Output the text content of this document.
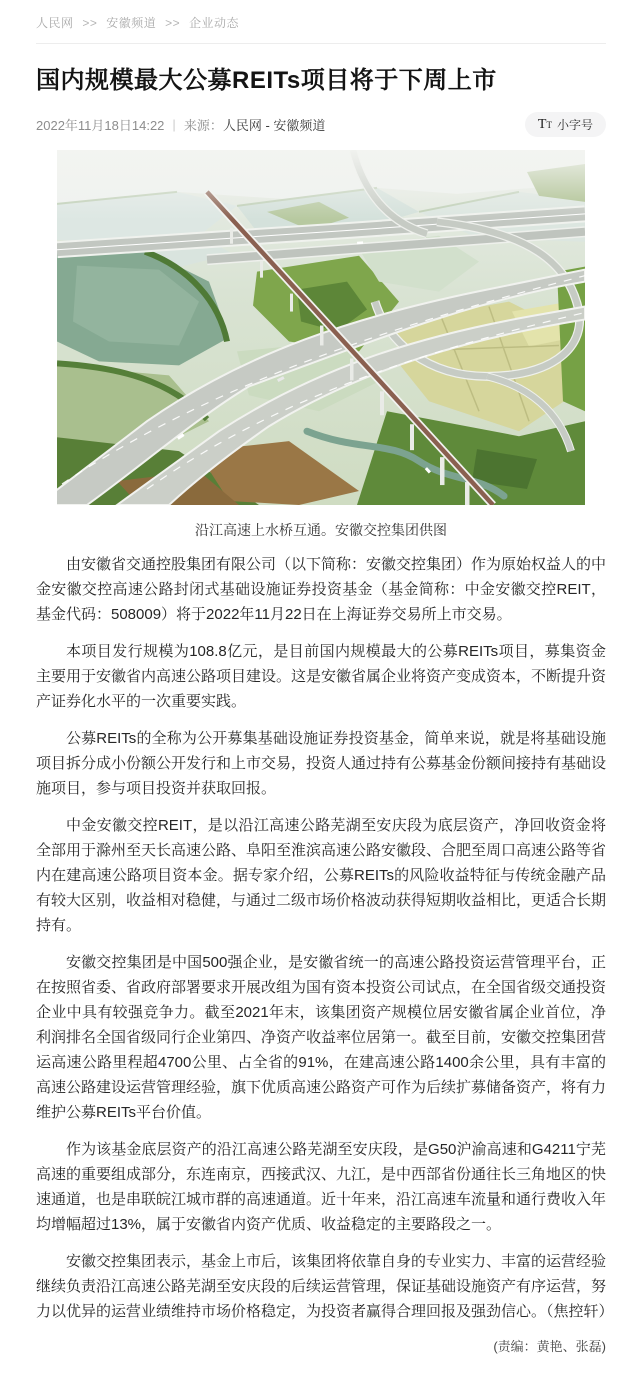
人民网 >> 安徽频道 >> 企业动态
国内规模最大公募REITs项目将于下周上市
2022年11月18日14:22 | 来源： 人民网 - 安徽频道	TT 小字号
沿江高速上水桥互通。安徽交控集团供图

由安徽省交通控股集团有限公司（以下简称：安徽交控集团）作为原始权益人的中金安徽交控高速公路封闭式基础设施证券投资基金（基金简称：中金安徽交控REIT，基金代码：508009）将于2022年11月22日在上海证券交易所上市交易。

本项目发行规模为108.8亿元，是目前国内规模最大的公募REITs项目，募集资金主要用于安徽省内高速公路项目建设。这是安徽省属企业将资产变成资本，不断提升资产证券化水平的一次重要实践。

公募REITs的全称为公开募集基础设施证券投资基金，简单来说，就是将基础设施项目拆分成小份额公开发行和上市交易，投资人通过持有公募基金份额间接持有基础设施项目，参与项目投资并获取回报。

中金安徽交控REIT，是以沿江高速公路芜湖至安庆段为底层资产，净回收资金将全部用于滁州至天长高速公路、阜阳至淮滨高速公路安徽段、合肥至周口高速公路等省内在建高速公路项目资本金。据专家介绍，公募REITs的风险收益特征与传统金融产品有较大区别，收益相对稳健，与通过二级市场价格波动获得短期收益相比，更适合长期持有。

安徽交控集团是中国500强企业，是安徽省统一的高速公路投资运营管理平台，正在按照省委、省政府部署要求开展改组为国有资本投资公司试点，在全国省级交通投资企业中具有较强竞争力。截至2021年末，该集团资产规模位居安徽省属企业首位，净利润排名全国省级同行企业第四、净资产收益率位居第一。截至目前，安徽交控集团营运高速公路里程超4700公里、占全省的91%，在建高速公路1400余公里，具有丰富的高速公路建设运营管理经验，旗下优质高速公路资产可作为后续扩募储备资产，将有力维护公募REITs平台价值。

作为该基金底层资产的沿江高速公路芜湖至安庆段，是G50沪渝高速和G4211宁芜高速的重要组成部分，东连南京，西接武汉、九江，是中西部省份通往长三角地区的快速通道，也是串联皖江城市群的高速通道。近十年来，沿江高速车流量和通行费收入年均增幅超过13%，属于安徽省内资产优质、收益稳定的主要路段之一。

安徽交控集团表示，基金上市后，该集团将依靠自身的专业实力、丰富的运营经验继续负责沿江高速公路芜湖至安庆段的后续运营管理，保证基础设施资产有序运营，努力以优异的运营业绩维持市场价格稳定，为投资者赢得合理回报及强劲信心。（焦控轩）

(责编：黄艳、张磊)
